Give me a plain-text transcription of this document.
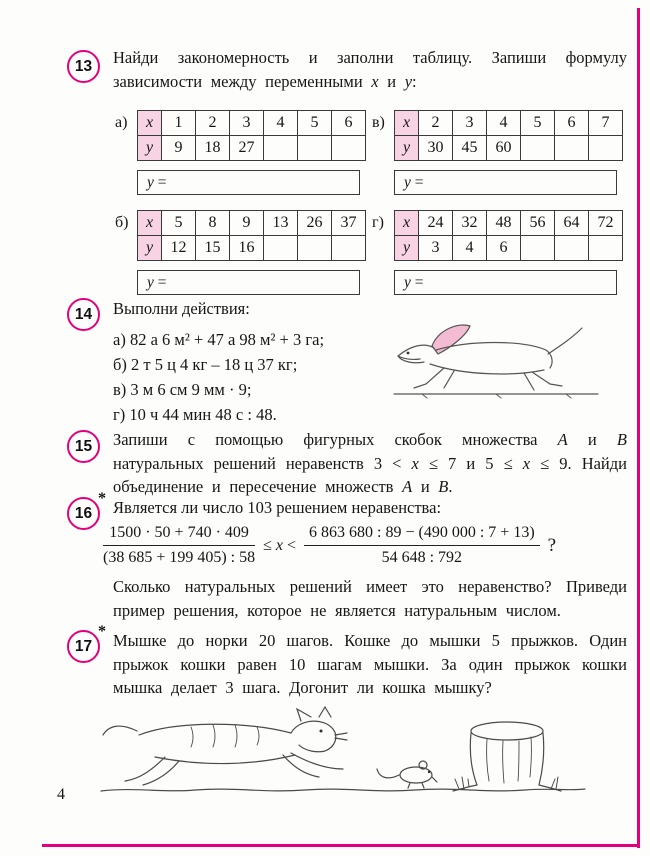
13 Найди закономерность и заполни таблицу. Запиши формулу зависимости между переменными x и y:

а) x	1	2	3	4	5	6
y	9	18	27			
y =
в) x	2	3	4	5	6	7
y	30	45	60			
y =
б) x	5	8	9	13	26	37
y	12	15	16			
y =
г)	x	24	32	48	56	64	72
y	3	4	6			
y =
14 Выполни действия:

а) 82 а 6 м² + 47 а 98 м² + 3 га;
б) 2 т 5 ц 4 кг – 18 ц 37 кг;
в) 3 м 6 см 9 мм · 9;
г) 10 ч 44 мин 48 с : 48.
15 Запиши с помощью фигурных скобок множества A и B натуральных решений неравенств 3 < x ≤ 7 и 5 ≤ x ≤ 9. Найди объединение и пересечение множеств A и B.

16
* Является ли число 103 решением неравенства:

$\frac{1500 \cdot 50 + 740 \cdot 409}{(38 685 + 199 405) : 58} \le x < \frac{6 863 680 : 89 - (490 000 : 7 + 13)}{54 648 : 792}$ ?

Сколько натуральных решений имеет это неравенство? Приведи пример решения, которое не является натуральным числом.

17
* Мышке до норки 20 шагов. Кошке до мышки 5 прыжков. Один прыжок кошки равен 10 шагам мышки. За один прыжок кошки мышка делает 3 шага. Догонит ли кошка мышку?

4
